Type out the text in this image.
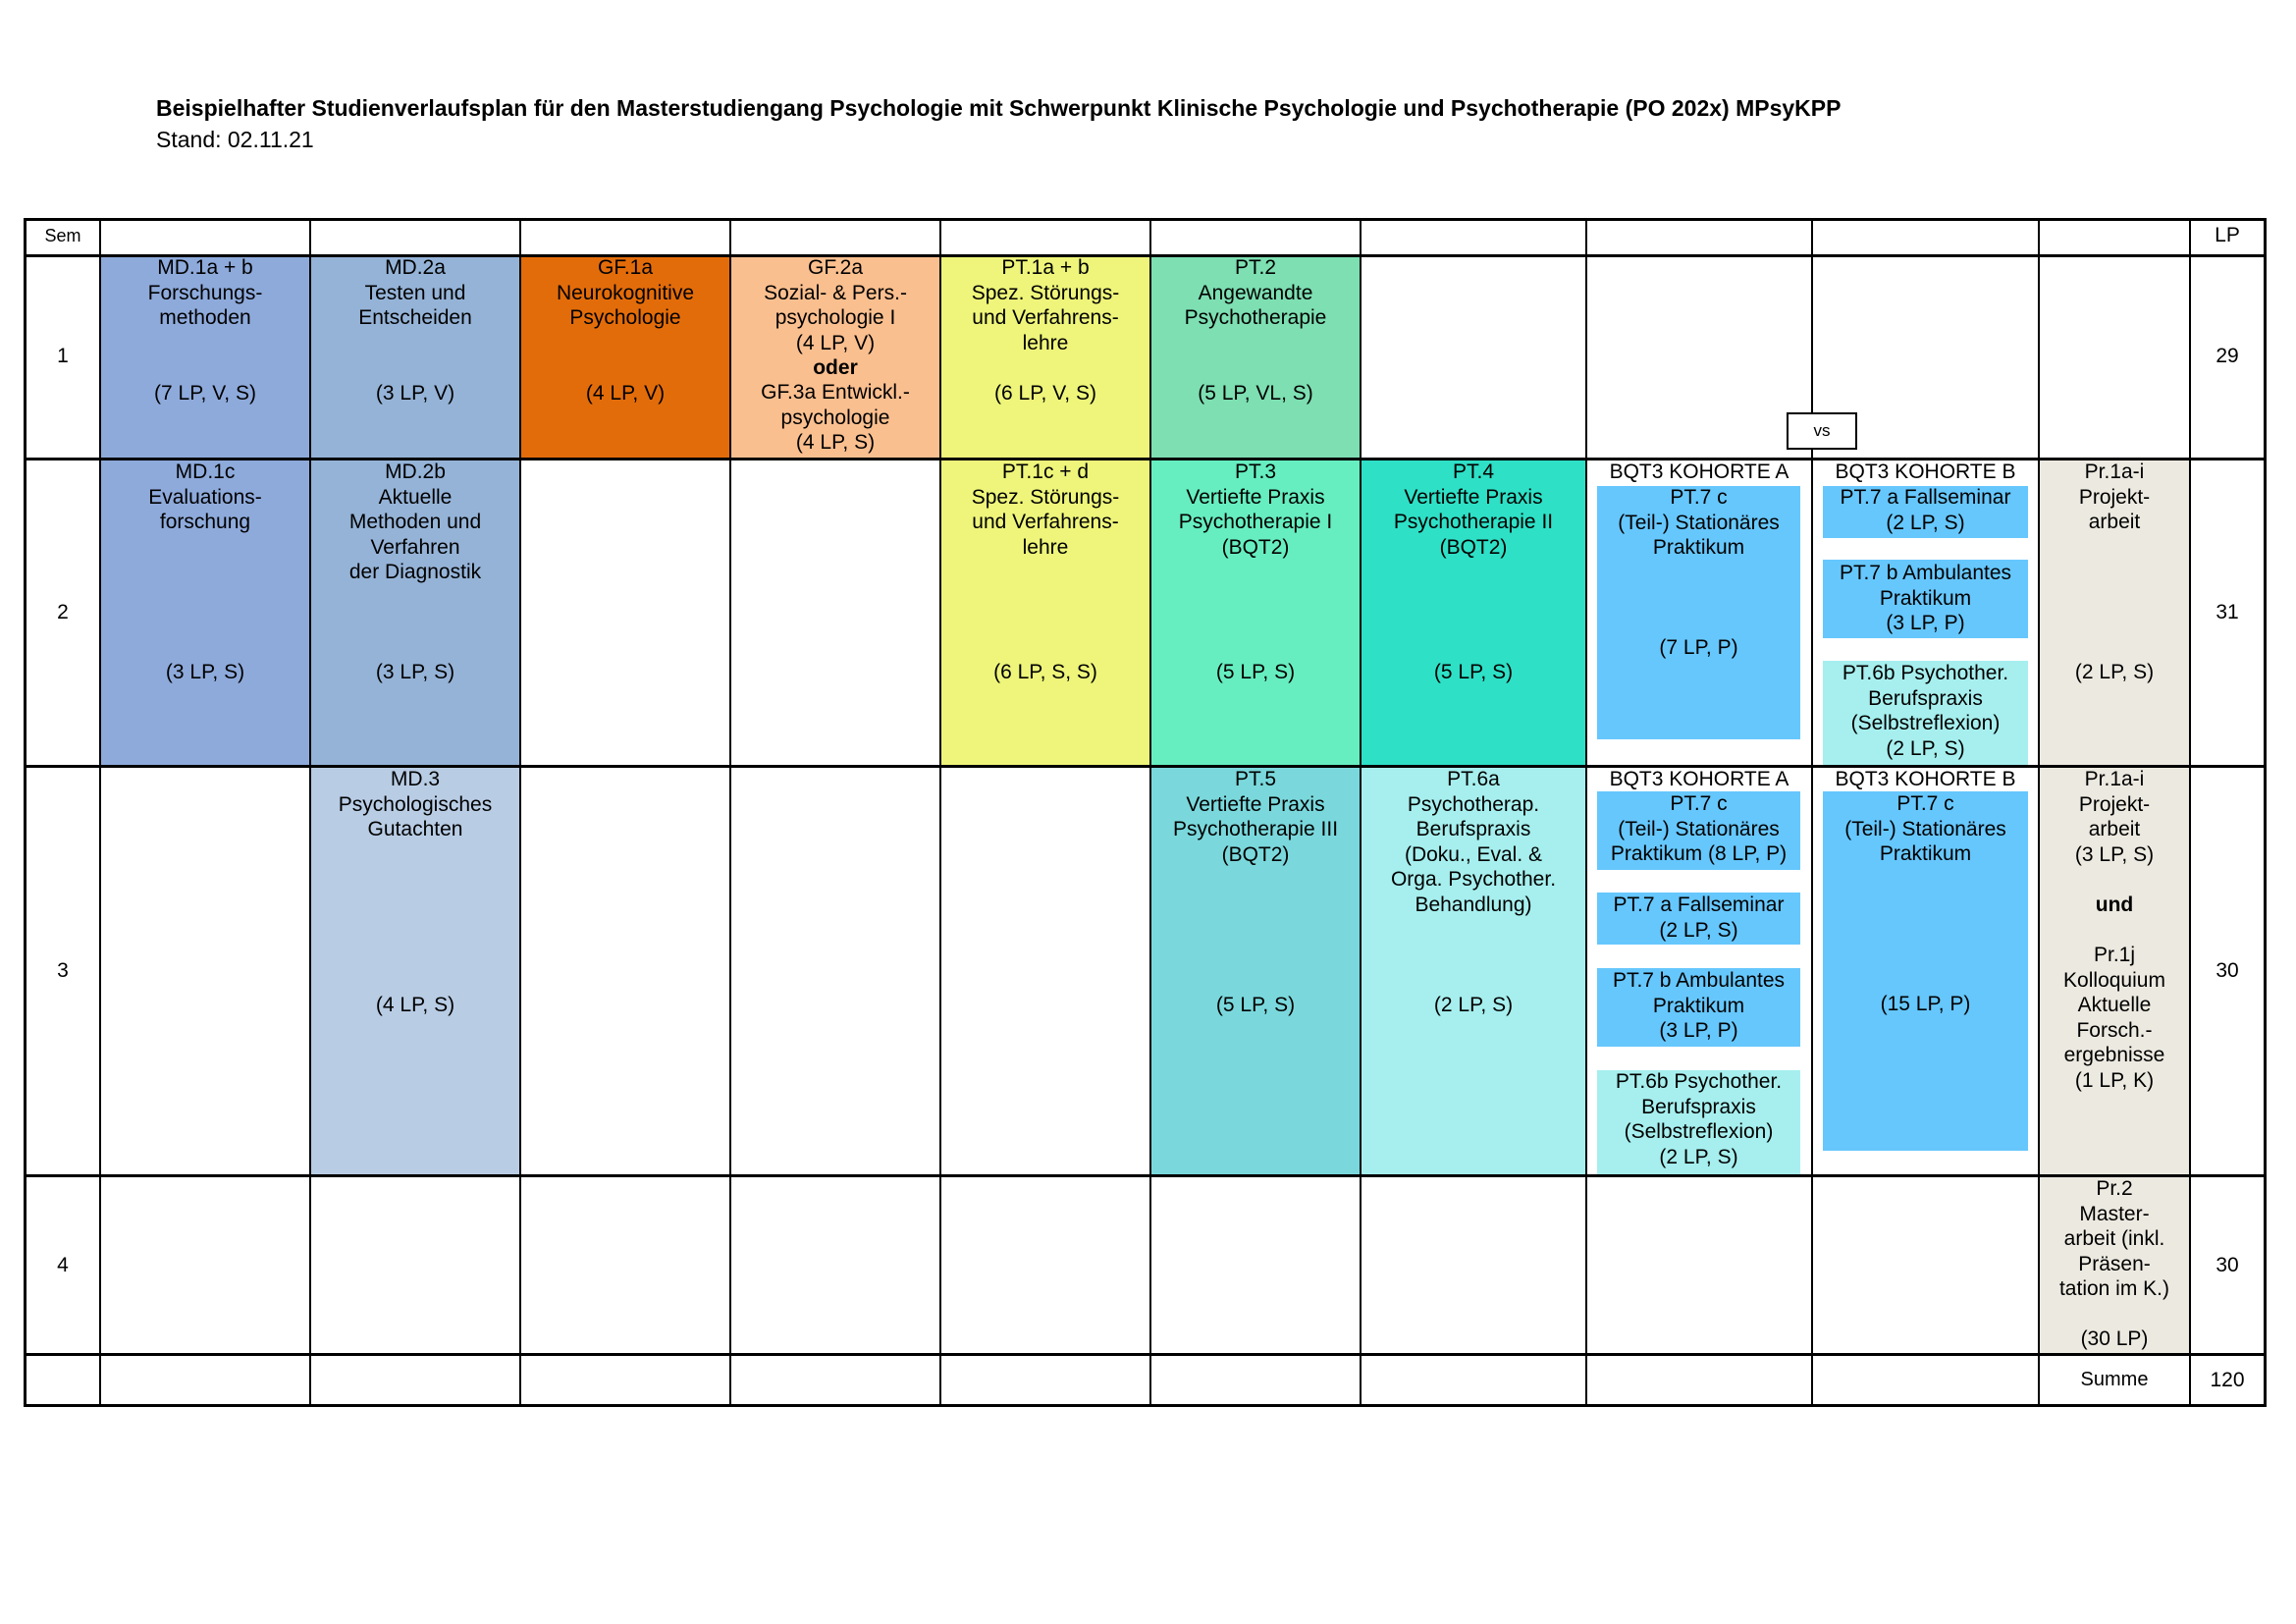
Beispielhafter Studienverlaufsplan für den Masterstudiengang Psychologie mit Schwerpunkt Klinische Psychologie und Psychotherapie (PO 202x) MPsyKPP
Stand: 02.11.21
vs
Sem	LP
1
2
3
4
29
31
30
30
Summe	120
MD.1a + b
Forschungs-
methoden

(7 LP, V, S)
MD.2a
Testen und
Entscheiden

(3 LP, V)
GF.1a
Neurokognitive
Psychologie

(4 LP, V)
GF.2a
Sozial- & Pers.-
psychologie I
(4 LP, V)
oder
GF.3a Entwickl.-
psychologie
(4 LP, S)
PT.1a + b
Spez. Störungs-
und Verfahrens-
lehre

(6 LP, V, S)
PT.2
Angewandte
Psychotherapie

(5 LP, VL, S)
MD.1c
Evaluations-
forschung

(3 LP, S)
MD.2b
Aktuelle
Methoden und
Verfahren
der Diagnostik

(3 LP, S)
PT.1c + d
Spez. Störungs-
und Verfahrens-
lehre

(6 LP, S, S)
PT.3
Vertiefte Praxis
Psychotherapie I
(BQT2)

(5 LP, S)
PT.4
Vertiefte Praxis
Psychotherapie II
(BQT2)

(5 LP, S)
BQT3 KOHORTE A
PT.7 c
(Teil-) Stationäres
Praktikum

(7 LP, P)
BQT3 KOHORTE B
PT.7 a Fallseminar
(2 LP, S)
PT.7 b Ambulantes
Praktikum
(3 LP, P)
PT.6b Psychother.
Berufspraxis
(Selbstreflexion)
(2 LP, S)
Pr.1a-i
Projekt-
arbeit

(2 LP, S)
MD.3
Psychologisches
Gutachten

(4 LP, S)
PT.5
Vertiefte Praxis
Psychotherapie III
(BQT2)

(5 LP, S)
PT.6a
Psychotherap.
Berufspraxis
(Doku., Eval. &
Orga. Psychother.
Behandlung)

(2 LP, S)
BQT3 KOHORTE A
PT.7 c
(Teil-) Stationäres
Praktikum (8 LP, P)
PT.7 a Fallseminar
(2 LP, S)
PT.7 b Ambulantes
Praktikum
(3 LP, P)
PT.6b Psychother.
Berufspraxis
(Selbstreflexion)
(2 LP, S)
BQT3 KOHORTE B
PT.7 c
(Teil-) Stationäres
Praktikum

(15 LP, P)
Pr.1a-i
Projekt-
arbeit
(3 LP, S)
und
Pr.1j
Kolloquium
Aktuelle
Forsch.-
ergebnisse
(1 LP, K)
Pr.2
Master-
arbeit (inkl.
Präsen-
tation im K.)

(30 LP)
